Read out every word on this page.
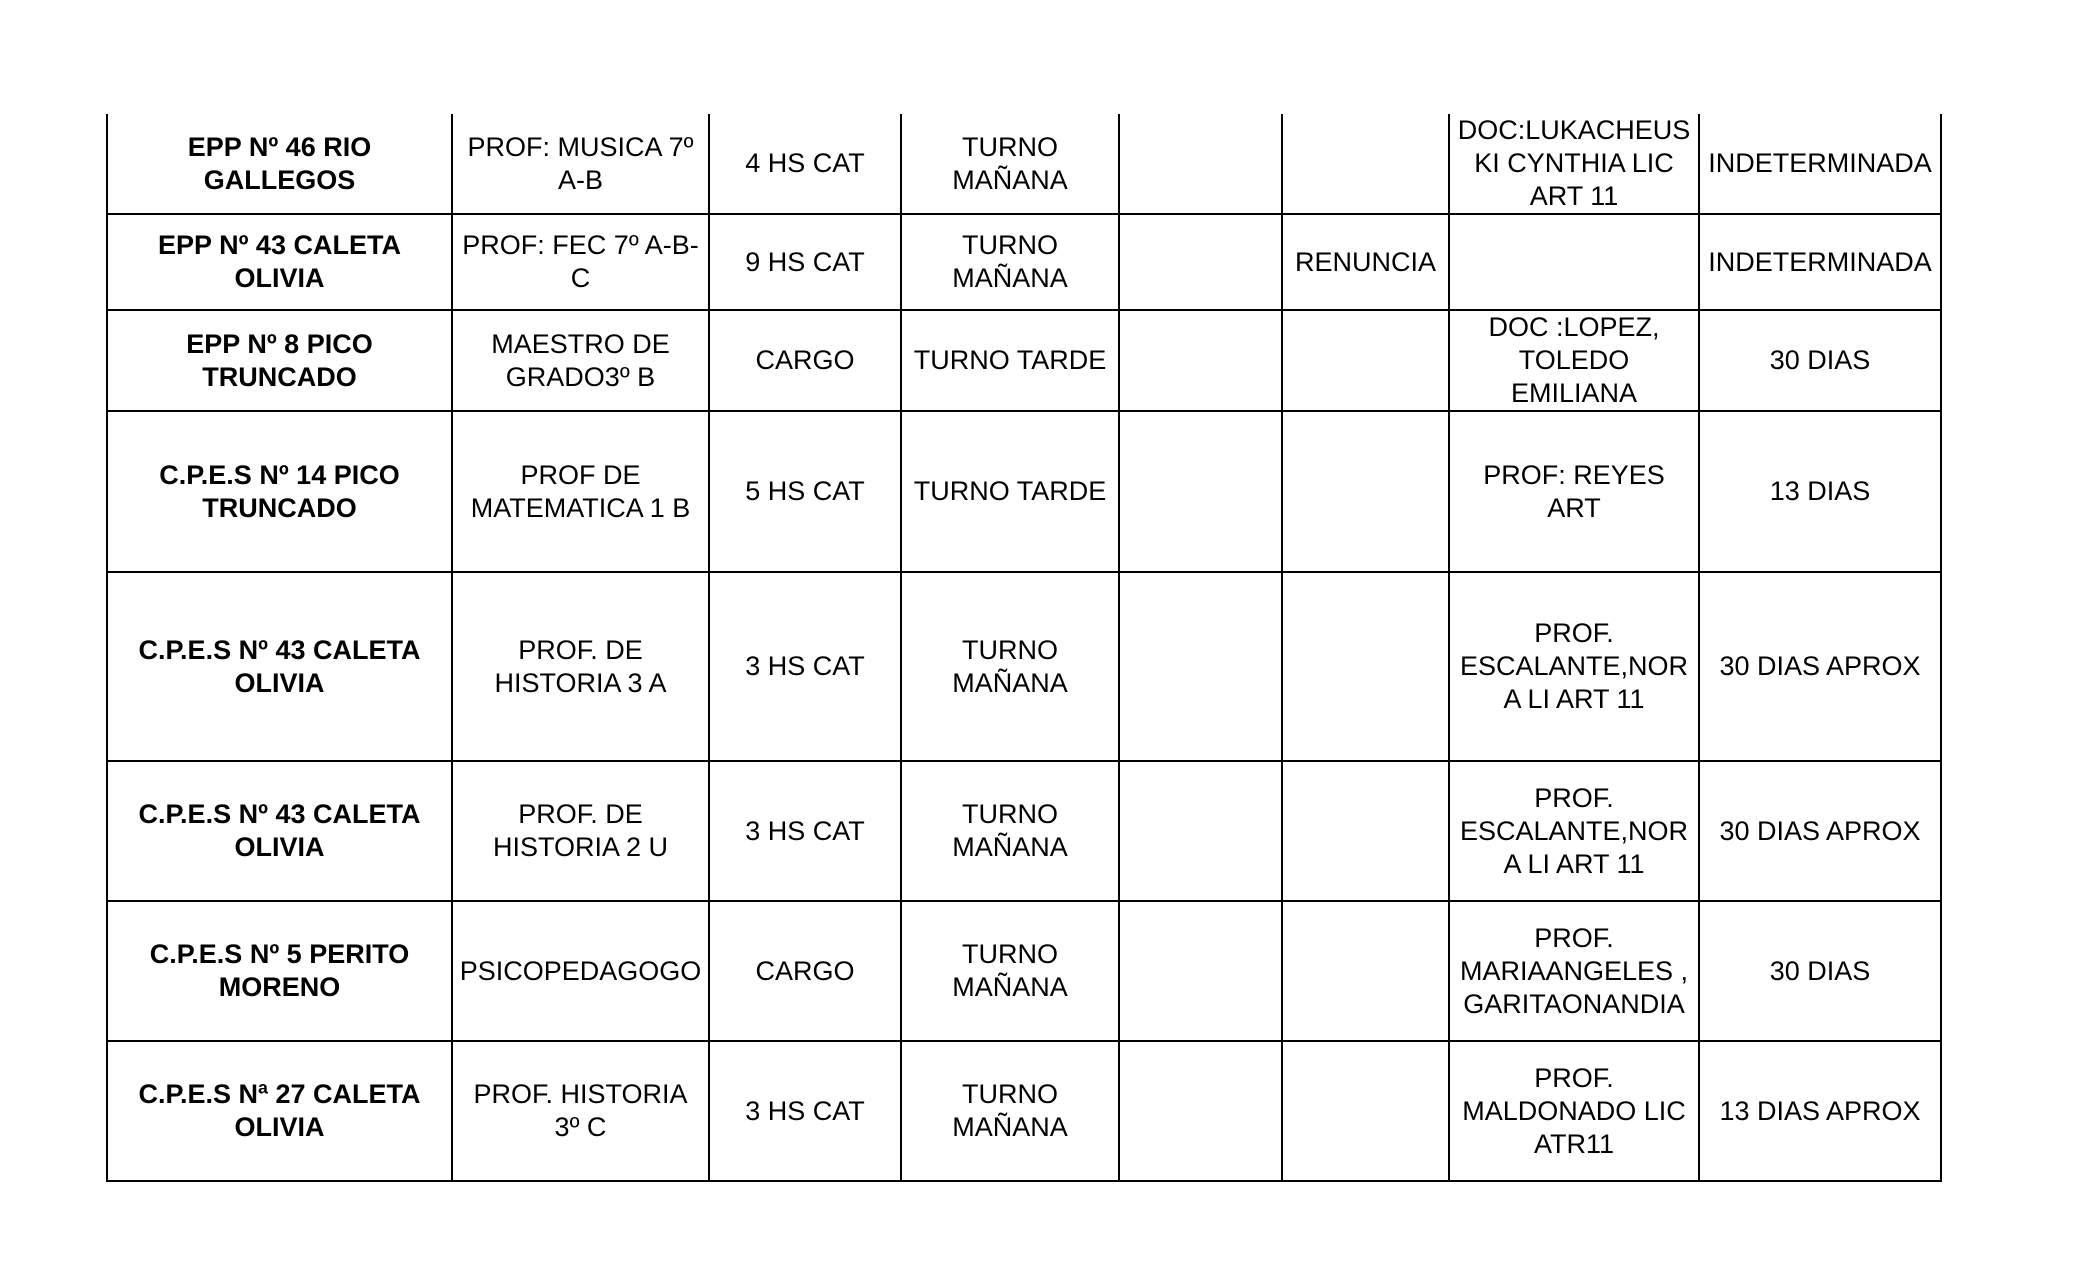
EPP Nº 46 RIO GALLEGOS	PROF: MUSICA 7º A-B	4 HS CAT	TURNO MAÑANA			DOC:LUKACHEUSKI CYNTHIA LIC ART 11	INDETERMINADA
EPP Nº 43 CALETA OLIVIA	PROF: FEC 7º A-B-C	9 HS CAT	TURNO MAÑANA		RENUNCIA		INDETERMINADA
EPP Nº 8 PICO TRUNCADO	MAESTRO DE GRADO3º B	CARGO	TURNO TARDE			DOC :LOPEZ, TOLEDO EMILIANA	30 DIAS
C.P.E.S Nº 14 PICO TRUNCADO	PROF DE MATEMATICA 1 B	5 HS CAT	TURNO TARDE			PROF: REYES ART	13 DIAS
C.P.E.S Nº 43 CALETA OLIVIA	PROF. DE HISTORIA 3 A	3 HS CAT	TURNO MAÑANA			PROF. ESCALANTE,NORA LI ART 11	30 DIAS APROX
C.P.E.S Nº 43 CALETA OLIVIA	PROF. DE HISTORIA 2 U	3 HS CAT	TURNO MAÑANA			PROF. ESCALANTE,NORA LI ART 11	30 DIAS APROX
C.P.E.S Nº 5 PERITO MORENO	PSICOPEDAGOGO	CARGO	TURNO MAÑANA			PROF. MARIAANGELES , GARITAONANDIA	30 DIAS
C.P.E.S Nª 27 CALETA OLIVIA	PROF. HISTORIA 3º C	3 HS CAT	TURNO MAÑANA			PROF. MALDONADO LIC ATR11	13 DIAS APROX
